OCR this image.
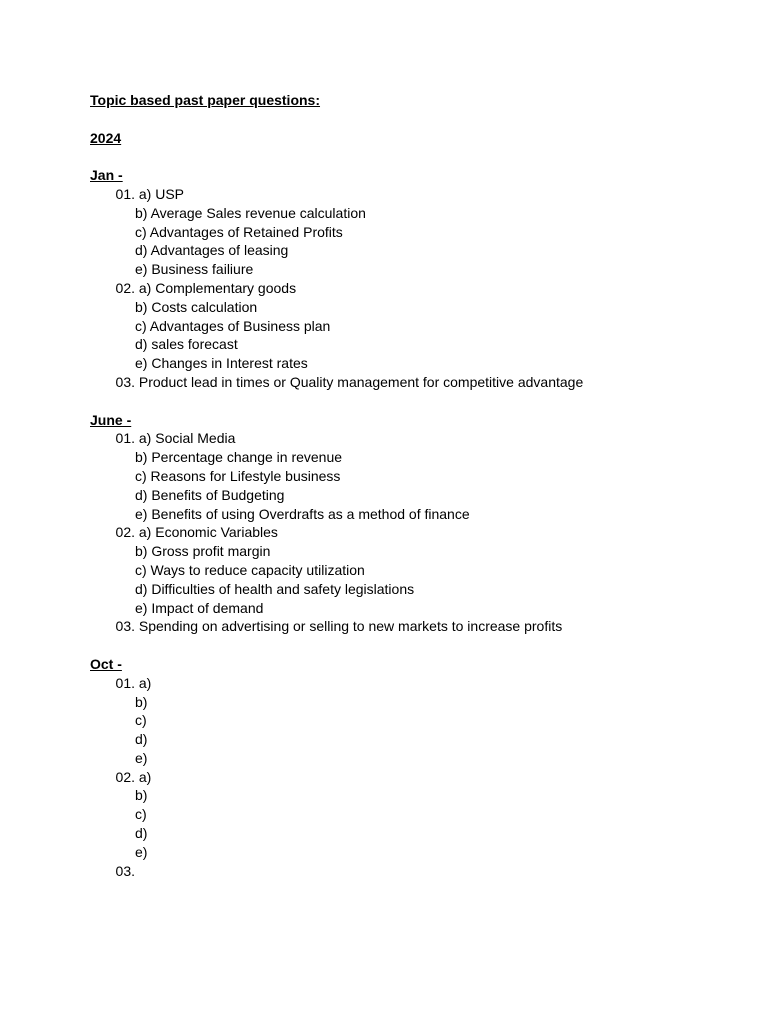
Topic based past paper questions:
2024
Jan -
01.
a) USP
b) Average Sales revenue calculation
c) Advantages of Retained Profits
d) Advantages of leasing
e) Business failiure
02.
a) Complementary goods
b) Costs calculation
c) Advantages of Business plan
d) sales forecast
e) Changes in Interest rates
03.
Product lead in times or Quality management for competitive advantage
June -
01.
a) Social Media
b) Percentage change in revenue
c) Reasons for Lifestyle business
d) Benefits of Budgeting
e) Benefits of using Overdrafts as a method of finance
02.
a) Economic Variables
b) Gross profit margin
c) Ways to reduce capacity utilization
d) Difficulties of health and safety legislations
e) Impact of demand
03.
Spending on advertising or selling to new markets to increase profits
Oct -
01.
a)
b)
c)
d)
e)
02.
a)
b)
c)
d)
e)
03.
